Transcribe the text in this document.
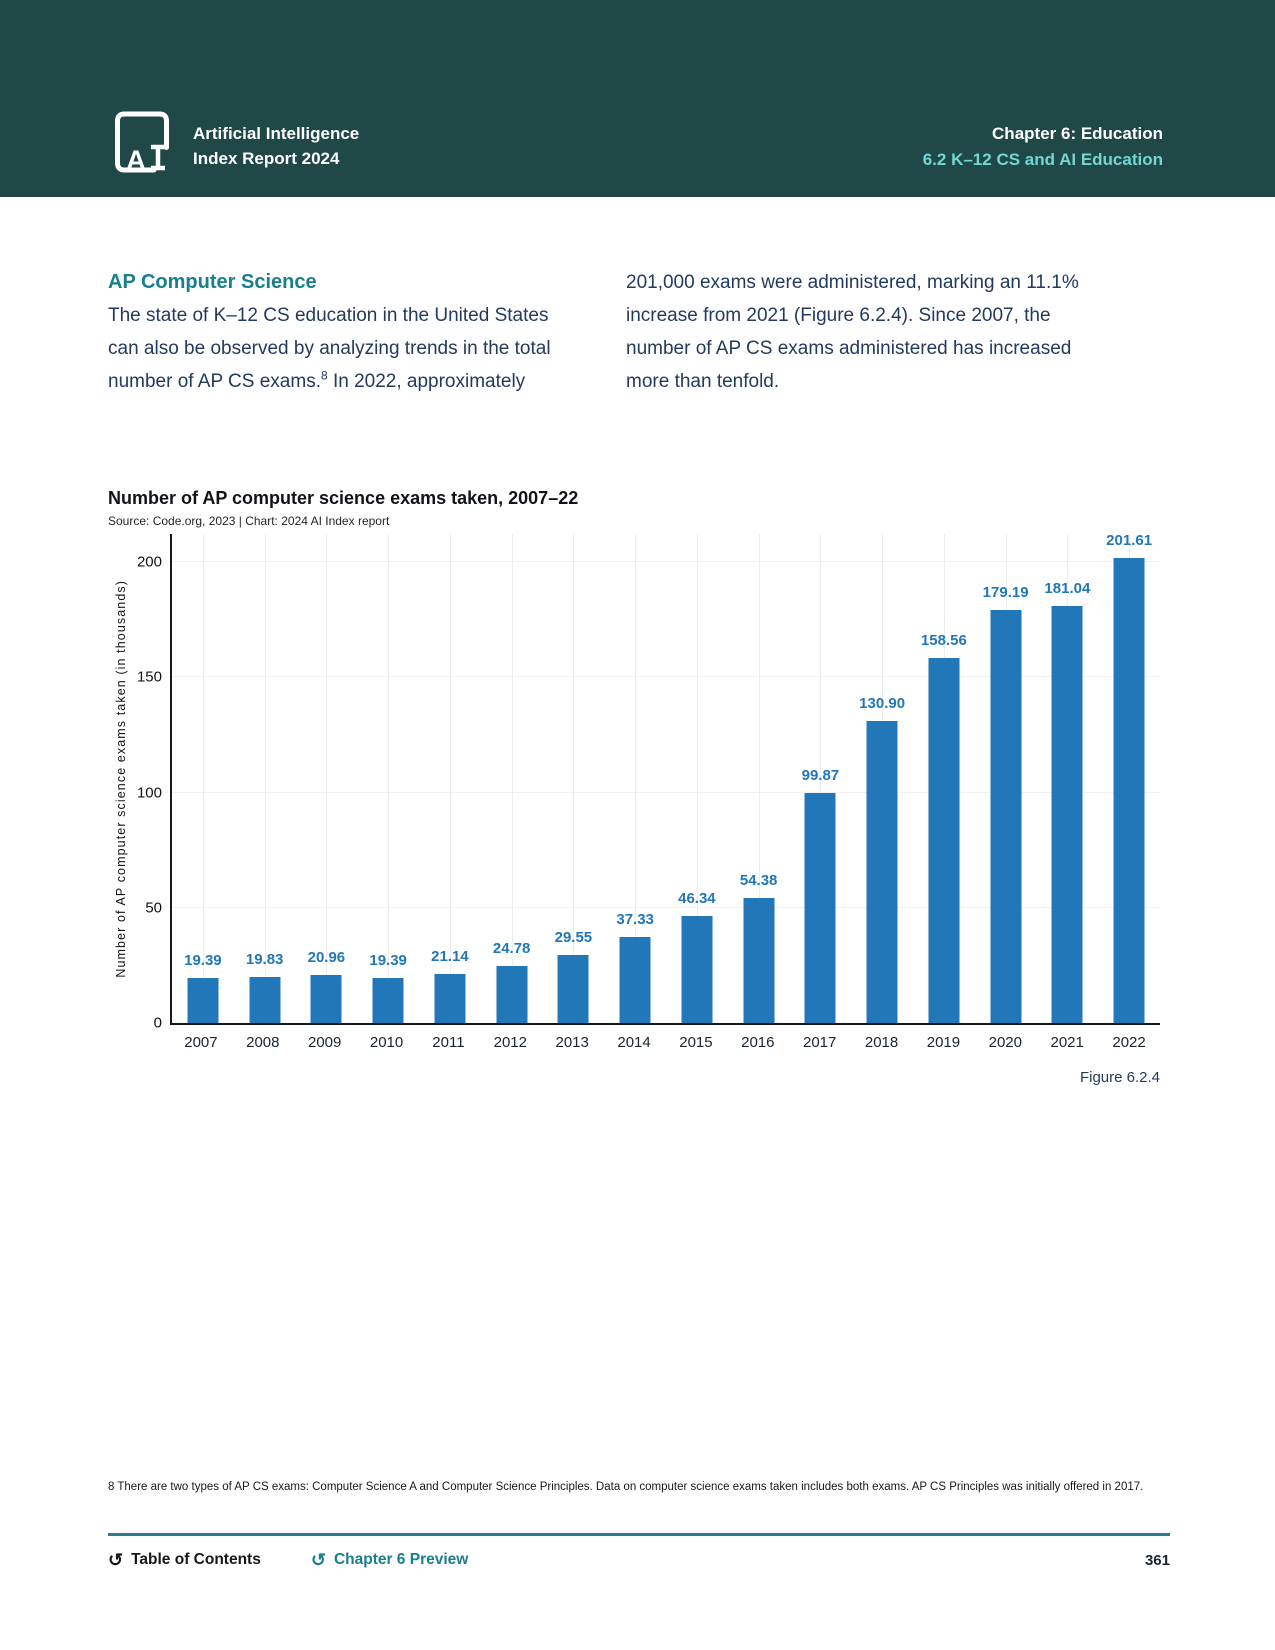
A
Artificial Intelligence
Index Report 2024
Chapter 6: Education
6.2 K–12 CS and AI Education
AP Computer Science

The state of K–12 CS education in the United States can also be observed by analyzing trends in the total number of AP CS exams.$^8$ In 2022, approximately

201,000 exams were administered, marking an 11.1% increase from 2021 (Figure 6.2.4). Since 2007, the number of AP CS exams administered has increased more than tenfold.

Number of AP computer science exams taken, 2007–22
Source: Code.org, 2023 | Chart: 2024 AI Index report
Number of AP computer science exams taken (in thousands)
0
50
100
150
200
19.39 19.83 20.96 19.39 21.14 24.78
29.55
37.33
46.34
54.38
99.87
130.90
158.56
179.19 181.04
201.61
2007	2008	2009	2010	2011	2012	2013	2014	2015	2016	2017	2018	2019	2020	2021	2022
Figure 6.2.4
8 There are two types of AP CS exams: Computer Science A and Computer Science Principles. Data on computer science exams taken includes both exams. AP CS Principles was initially offered in 2017.
↺ Table of Contents	↺ Chapter 6 Preview	361
